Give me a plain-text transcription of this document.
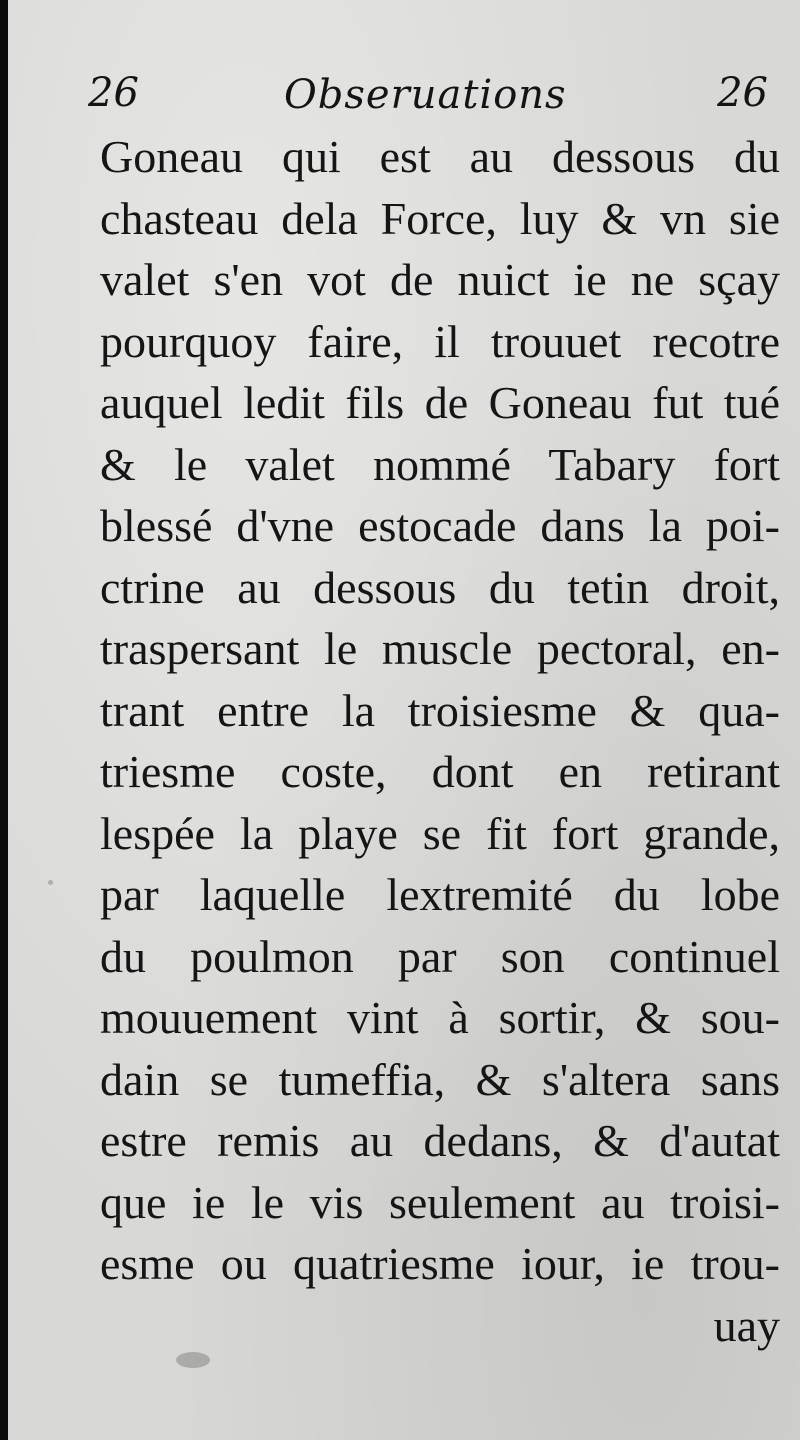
26	Obseruations	26
Goneau qui est au dessous du
chasteau dela Force, luy & vn sie
valet s'en vot de nuict ie ne sçay
pourquoy faire, il trouuet recotre
auquel ledit fils de Goneau fut tué
& le valet nommé Tabary fort
blessé d'vne estocade dans la poi-
ctrine au dessous du tetin droit,
traspersant le muscle pectoral, en-
trant entre la troisiesme & qua-
triesme coste, dont en retirant
lespée la playe se fit fort grande,
par laquelle lextremité du lobe
du poulmon par son continuel
mouuement vint à sortir, & sou-
dain se tumeffia, & s'altera sans
estre remis au dedans, & d'autat
que ie le vis seulement au troisi-
esme ou quatriesme iour, ie trou-
uay
